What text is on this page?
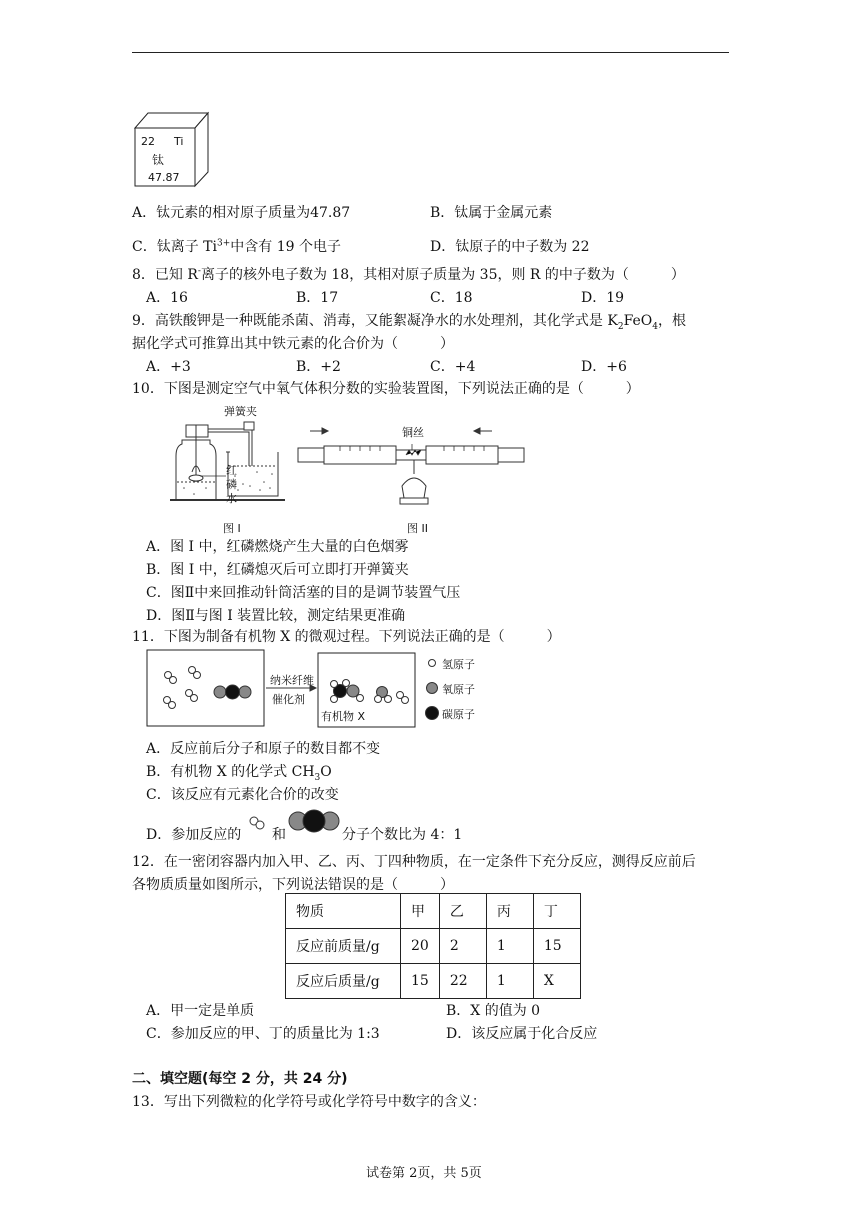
22 Ti
钛
47.87
A．钛元素的相对原子质量为47.87	B．钛属于金属元素
C．钛离子 $Ti^{3+}$中含有 19 个电子	D．钛原子的中子数为 22
8．已知 R-离子的核外电子数为 18，其相对原子质量为 35，则 R 的中子数为（　　　）
A．16	B．17	C．18	D．19
9．高铁酸钾是一种既能杀菌、消毒，又能絮凝净水的水处理剂，其化学式是 $K_2FeO_4$，根
据化学式可推算出其中铁元素的化合价为（　　　）
A．+3	B．+2	C．+4	D．+6
10．下图是测定空气中氧气体积分数的实验装置图，下列说法正确的是（　　　）
弹簧夹
红
磷
水
铜丝
图 I	图 II
A．图 I 中，红磷燃烧产生大量的白色烟雾
B．图 I 中，红磷熄灭后可立即打开弹簧夹
C．图Ⅱ中来回推动针筒活塞的目的是调节装置气压
D．图Ⅱ与图 I 装置比较，测定结果更准确
11．下图为制备有机物 X 的微观过程。下列说法正确的是（　　　）
纳米纤维
催化剂
有机物 X
氢原子
氧原子
碳原子
A．反应前后分子和原子的数目都不变
B．有机物 X 的化学式 $CH_3O$
C．该反应有元素化合价的改变
D．参加反应的 和	分子个数比为 4：1
12．在一密闭容器内加入甲、乙、丙、丁四种物质，在一定条件下充分反应，测得反应前后
各物质质量如图所示，下列说法错误的是（　　　）
物质	甲	乙	丙	丁
反应前质量/g	20	2	1	15
反应后质量/g	15	22	1	X
A．甲一定是单质	B．X 的值为 0
C．参加反应的甲、丁的质量比为 1:3	D．该反应属于化合反应
二、填空题(每空 2 分，共 24 分)
13．写出下列微粒的化学符号或化学符号中数字的含义：
试卷第 2页，共 5页
